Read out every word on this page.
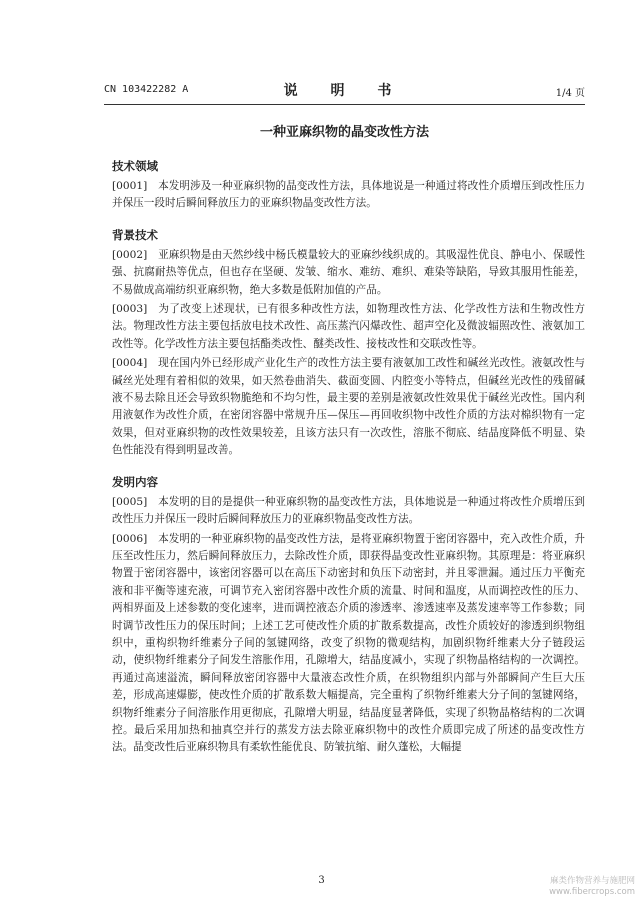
CN 103422282 A	说 明 书	1/4 页
一种亚麻织物的晶变改性方法

技术领域

[0001] 本发明涉及一种亚麻织物的晶变改性方法，具体地说是一种通过将改性介质增压到改性压力并保压一段时后瞬间释放压力的亚麻织物晶变改性方法。

背景技术

[0002] 亚麻织物是由天然纱线中杨氏模量较大的亚麻纱线织成的。其吸湿性优良、静电小、保暖性强、抗腐耐热等优点，但也存在坚硬、发皱、缩水、难纺、难织、难染等缺陷，导致其服用性能差，不易做成高端纺织亚麻织物，绝大多数是低附加值的产品。

[0003] 为了改变上述现状，已有很多种改性方法，如物理改性方法、化学改性方法和生物改性方法。物理改性方法主要包括放电技术改性、高压蒸汽闪爆改性、超声空化及微波辐照改性、液氨加工改性等。化学改性方法主要包括酯类改性、醚类改性、接枝改性和交联改性等。

[0004] 现在国内外已经形成产业化生产的改性方法主要有液氨加工改性和碱丝光改性。液氨改性与碱丝光处理有着相似的效果，如天然卷曲消失、截面变圆、内腔变小等特点，但碱丝光改性的残留碱液不易去除且还会导致织物脆绝和不均匀性，最主要的差别是液氨改性效果优于碱丝光改性。国内利用液氨作为改性介质，在密闭容器中常规升压—保压—再回收织物中改性介质的方法对棉织物有一定效果，但对亚麻织物的改性效果较差，且该方法只有一次改性，溶胀不彻底、结晶度降低不明显、染色性能没有得到明显改善。

发明内容

[0005] 本发明的目的是提供一种亚麻织物的晶变改性方法，具体地说是一种通过将改性介质增压到改性压力并保压一段时后瞬间释放压力的亚麻织物晶变改性方法。

[0006] 本发明的一种亚麻织物的晶变改性方法，是将亚麻织物置于密闭容器中，充入改性介质，升压至改性压力，然后瞬间释放压力，去除改性介质，即获得晶变改性亚麻织物。其原理是：将亚麻织物置于密闭容器中，该密闭容器可以在高压下动密封和负压下动密封，并且零泄漏。通过压力平衡充液和非平衡等速充液，可调节充入密闭容器中改性介质的流量、时间和温度，从而调控改性的压力、两相界面及上述参数的变化速率，进而调控液态介质的渗透率、渗透速率及蒸发速率等工作参数；同时调节改性压力的保压时间；上述工艺可使改性介质的扩散系数提高，改性介质较好的渗透到织物组织中，重构织物纤维素分子间的氢键网络，改变了织物的微观结构，加剧织物纤维素大分子链段运动，使织物纤维素分子间发生溶胀作用，孔隙增大，结晶度减小，实现了织物晶格结构的一次调控。再通过高速溢流，瞬间释放密闭容器中大量液态改性介质，在织物组织内部与外部瞬间产生巨大压差，形成高速爆膨，使改性介质的扩散系数大幅提高，完全重构了织物纤维素大分子间的氢键网络，织物纤维素分子间溶胀作用更彻底，孔隙增大明显，结晶度显著降低，实现了织物晶格结构的二次调控。最后采用加热和抽真空并行的蒸发方法去除亚麻织物中的改性介质即完成了所述的晶变改性方法。晶变改性后亚麻织物具有柔软性能优良、防皱抗缩、耐久蓬松，大幅提

3	麻类作物营养与施肥网
www.fibercrops.com
